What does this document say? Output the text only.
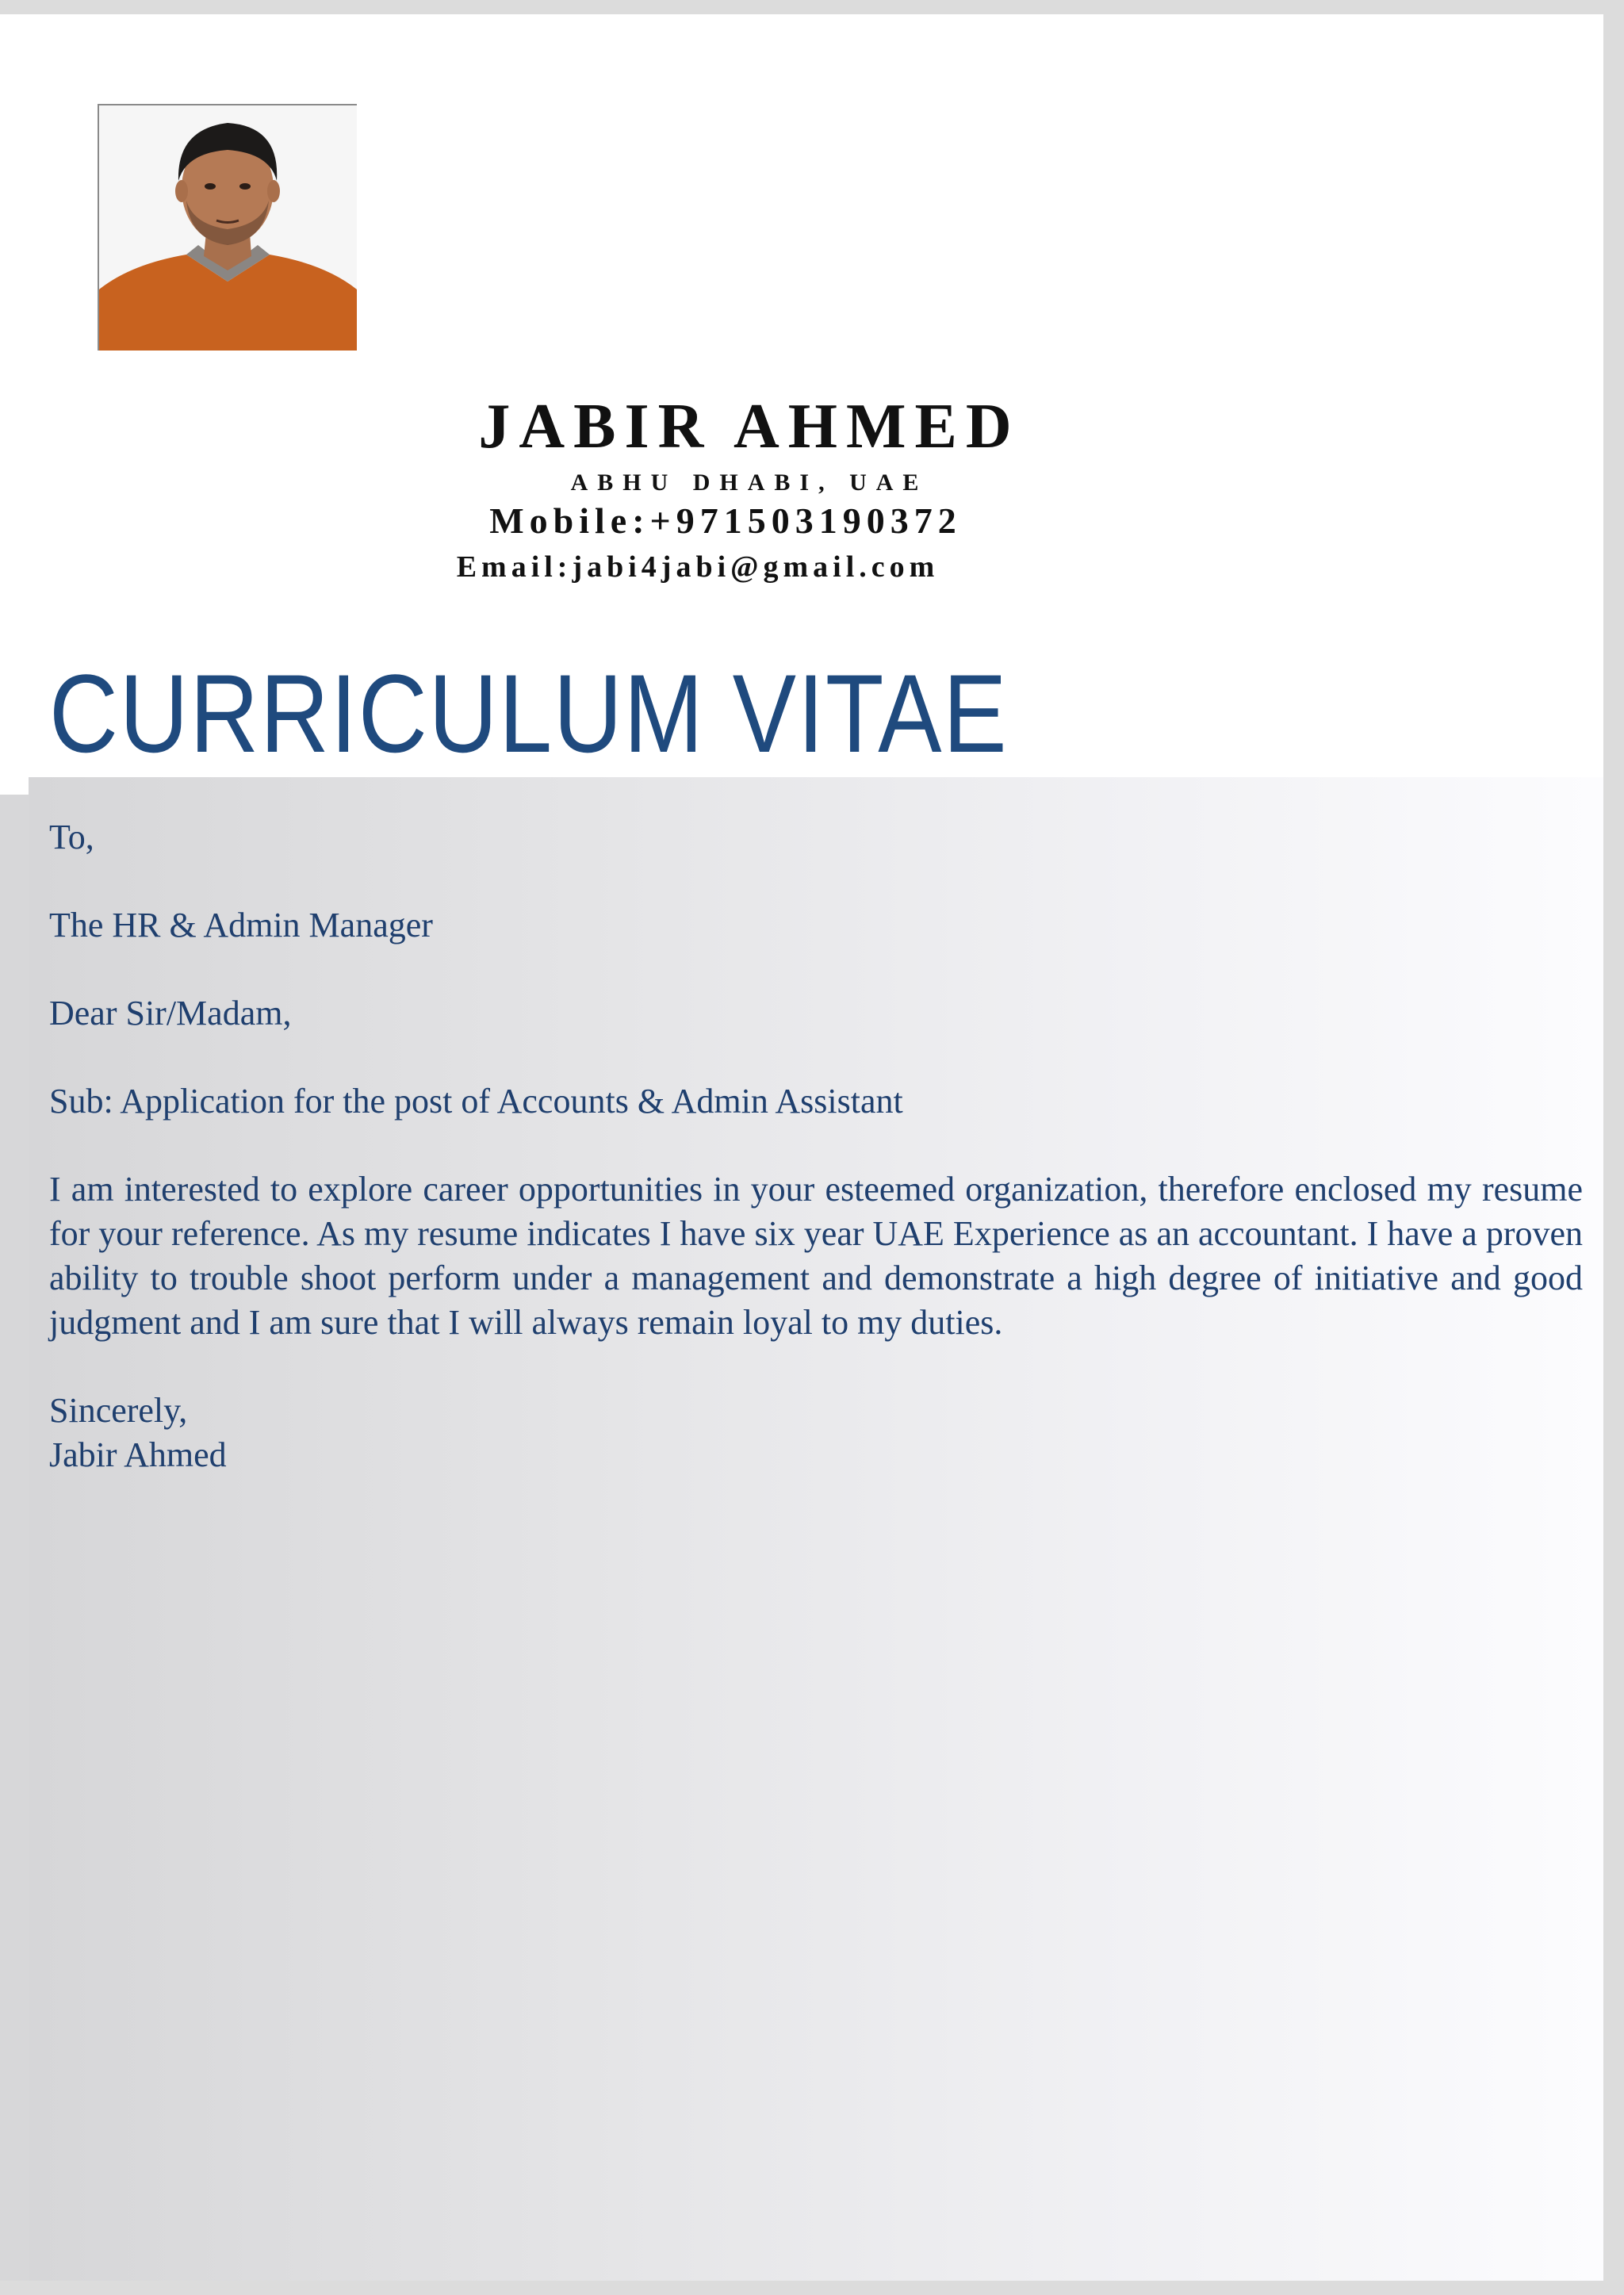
JABIR AHMED
ABHU DHABI, UAE
Mobile:+971503190372
Email:jabi4jabi@gmail.com
CURRICULUM VITAE

To,

The HR & Admin Manager

Dear Sir/Madam,

Sub: Application for the post of Accounts & Admin Assistant

I am interested to explore career opportunities in your esteemed organization, therefore enclosed my resume for your reference. As my resume indicates I have six year UAE Experience as an accountant. I have a proven ability to trouble shoot perform under a management and demonstrate a high degree of initiative and good judgment and I am sure that I will always remain loyal to my duties.

Sincerely,

Jabir Ahmed
